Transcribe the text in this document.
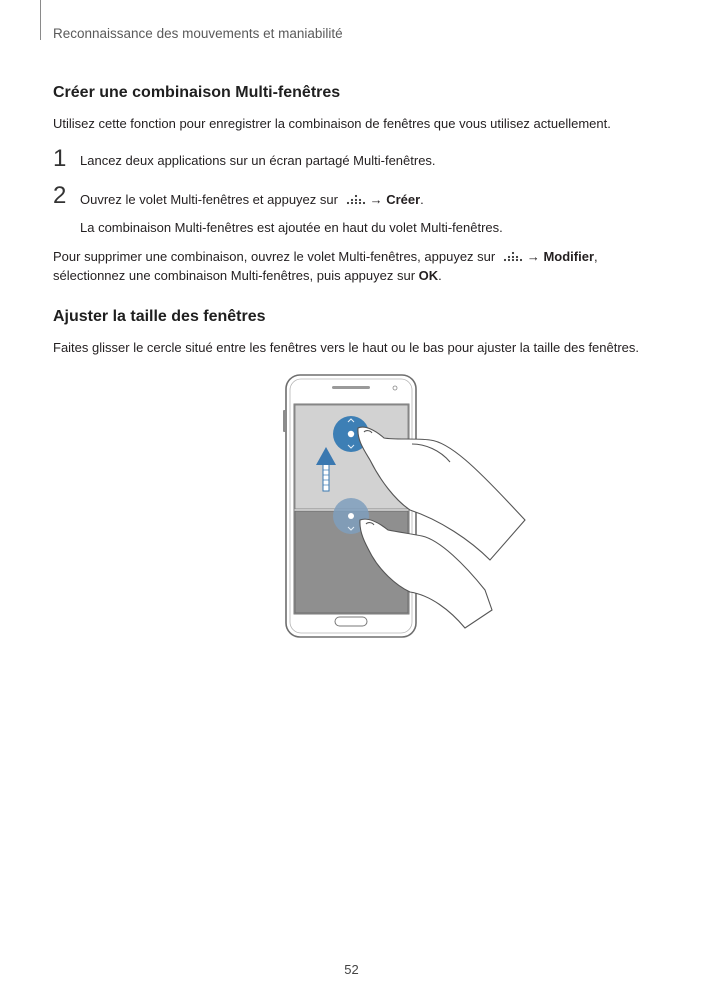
Reconnaissance des mouvements et maniabilité
Créer une combinaison Multi-fenêtres

Utilisez cette fonction pour enregistrer la combinaison de fenêtres que vous utilisez actuellement.

1 Lancez deux applications sur un écran partagé Multi-fenêtres.
2 Ouvrez le volet Multi-fenêtres et appuyez sur → Créer.
La combinaison Multi-fenêtres est ajoutée en haut du volet Multi-fenêtres.

Pour supprimer une combinaison, ouvrez le volet Multi-fenêtres, appuyez sur → Modifier,

sélectionnez une combinaison Multi-fenêtres, puis appuyez sur OK.

Ajuster la taille des fenêtres

Faites glisser le cercle situé entre les fenêtres vers le haut ou le bas pour ajuster la taille des fenêtres.

52
